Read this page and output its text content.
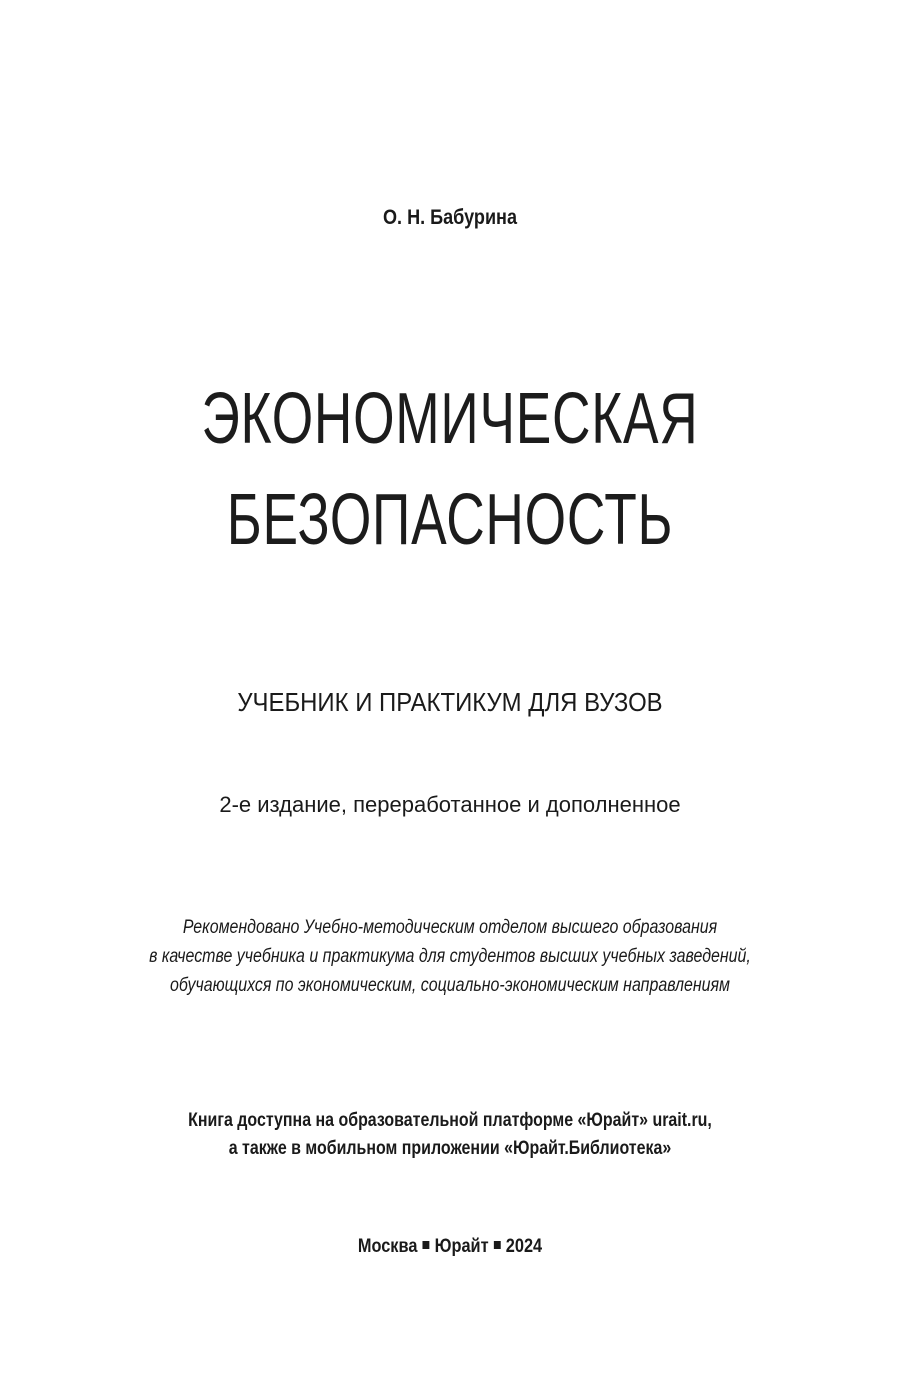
О. Н. Бабурина
ЭКОНОМИЧЕСКАЯ
БЕЗОПАСНОСТЬ
УЧЕБНИК И ПРАКТИКУМ ДЛЯ ВУЗОВ
2-е издание, переработанное и дополненное
Рекомендовано Учебно-методическим отделом высшего образования
в качестве учебника и практикума для студентов высших учебных заведений,
обучающихся по экономическим, социально-экономическим направлениям
Книга доступна на образовательной платформе «Юрайт» urait.ru,
а также в мобильном приложении «Юрайт.Библиотека»
Москва Юрайт 2024
